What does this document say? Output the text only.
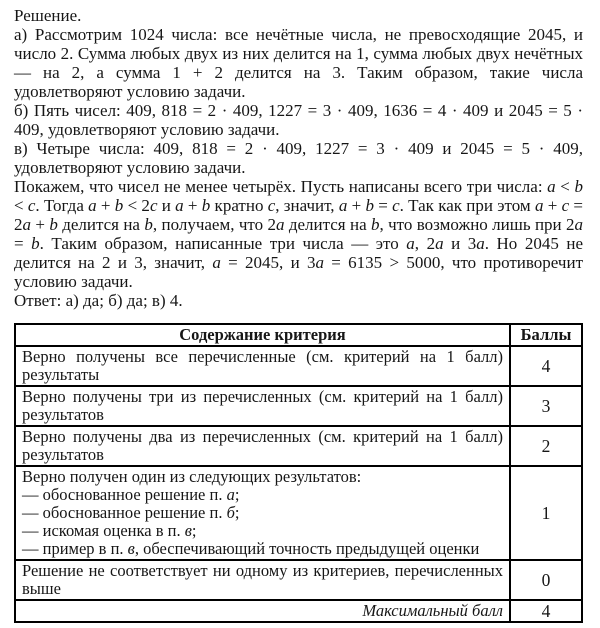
Решение.

а) Рассмотрим 1024 числа: все нечётные числа, не превосходящие 2045, и число 2. Сумма любых двух из них делится на 1, сумма любых двух нечётных — на 2, а сумма 1 + 2 делится на 3. Таким образом, такие числа удовлетворяют условию задачи.

б) Пять чисел: 409, 818 = 2 · 409, 1227 = 3 · 409, 1636 = 4 · 409 и 2045 = 5 · 409, удовлетворяют условию задачи.

в) Четыре числа: 409, 818 = 2 · 409, 1227 = 3 · 409 и 2045 = 5 · 409, удовлетворяют условию задачи.

Покажем, что чисел не менее четырёх. Пусть написаны всего три числа: a < b < c. Тогда a + b < 2c и a + b кратно c, значит, a + b = c. Так как при этом a + c = 2a + b делится на b, получаем, что 2a делится на b, что возможно лишь при 2a = b. Таким образом, написанные три числа — это a, 2a и 3a. Но 2045 не делится на 2 и 3, значит, a = 2045, и 3a = 6135 > 5000, что противоречит условию задачи.

Ответ: а) да; б) да; в) 4.

Содержание критерия	Баллы

Верно получены все перечисленные (см. критерий на 1 балл) результаты	4

Верно получены три из перечисленных (см. критерий на 1 балл) результатов	3

Верно получены два из перечисленных (см. критерий на 1 балл) результатов	2

Верно получен один из следующих результатов:
— обоснованное решение п. а;
— обоснованное решение п. б;
— искомая оценка в п. в;
— пример в п. в, обеспечивающий точность предыдущей оценки	1

Решение не соответствует ни одному из критериев, перечисленных выше	0
Максимальный балл	4
